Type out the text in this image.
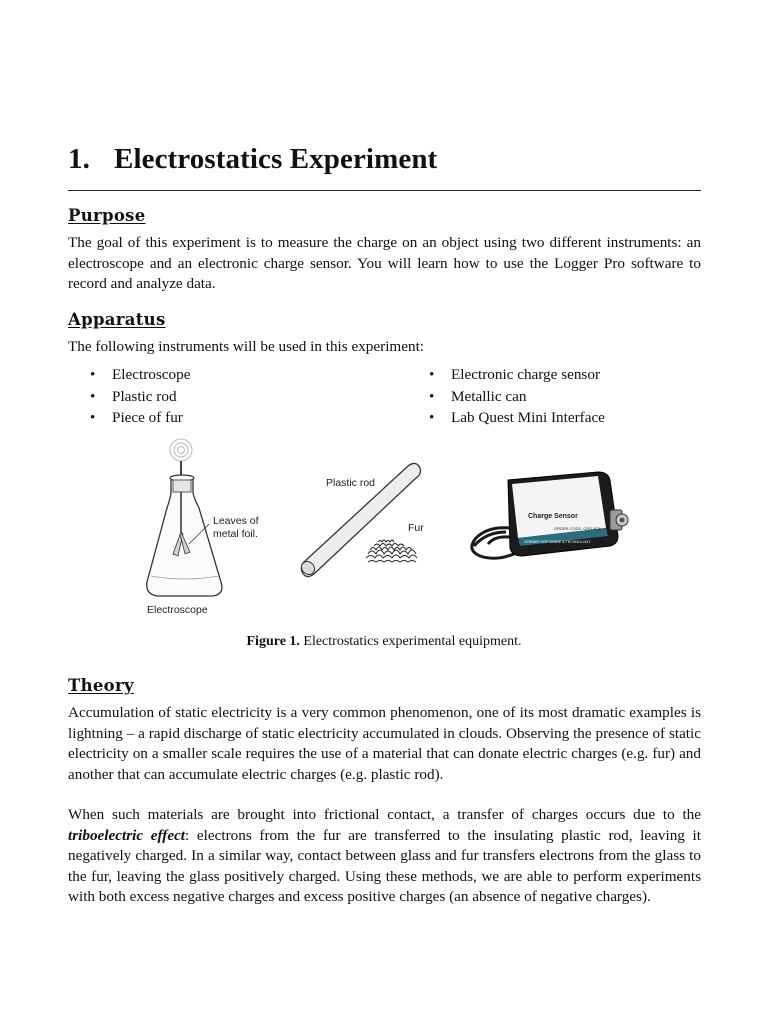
1. Electrostatics Experiment
Purpose

The goal of this experiment is to measure the charge on an object using two different instruments: an electroscope and an electronic charge sensor. You will learn how to use the Logger Pro software to record and analyze data.

Apparatus

The following instruments will be used in this experiment:

• Electroscope
• Plastic rod
• Piece of fur
• Electronic charge sensor
• Metallic can
• Lab Quest Mini Interface
Leaves of
metal foil.
Electroscope
Plastic rod
Fur
Charge Sensor
ORDER CODE: CRG-BTA
VERNIER SOFTWARE & TECHNOLOGY

Figure 1. Electrostatics experimental equipment.

Theory

Accumulation of static electricity is a very common phenomenon, one of its most dramatic examples is lightning – a rapid discharge of static electricity accumulated in clouds. Observing the presence of static electricity on a smaller scale requires the use of a material that can donate electric charges (e.g. fur) and another that can accumulate electric charges (e.g. plastic rod).

When such materials are brought into frictional contact, a transfer of charges occurs due to the triboelectric effect: electrons from the fur are transferred to the insulating plastic rod, leaving it negatively charged. In a similar way, contact between glass and fur transfers electrons from the glass to the fur, leaving the glass positively charged. Using these methods, we are able to perform experiments with both excess negative charges and excess positive charges (an absence of negative charges).
